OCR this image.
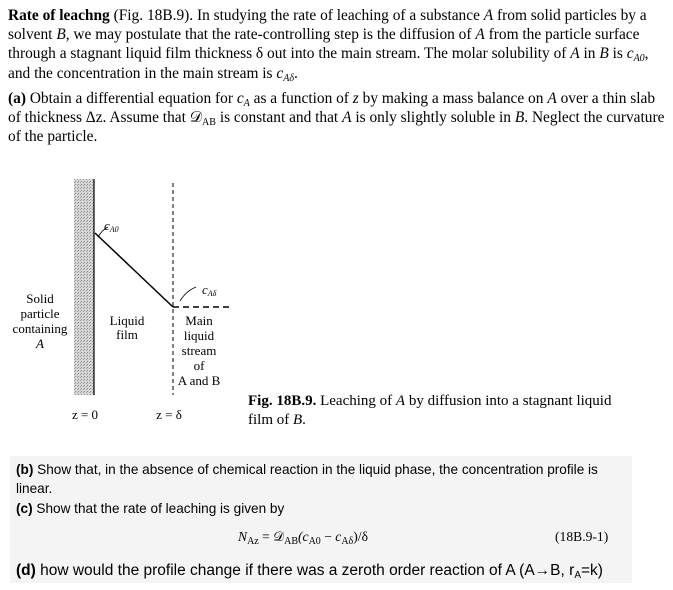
Rate of leachng (Fig. 18B.9). In studying the rate of leaching of a substance A from solid particles by a solvent B, we may postulate that the rate-controlling step is the diffusion of A from the particle surface through a stagnant liquid film thickness δ out into the main stream. The molar solubility of A in B is $c_{A0}$, and the concentration in the main stream is $c_{A\delta}$.

(a) Obtain a differential equation for $c_A$ as a function of z by making a mass balance on A over a thin slab of thickness Δz. Assume that 𝒟$_{AB}$ is constant and that A is only slightly soluble in B. Neglect the curvature of the particle.
cA0
cAδ
Solid
particle
containing
A
Liquid
film
Main
liquid
stream
of
A and B
z = 0	z = δ
Fig. 18B.9. Leaching of A by diffusion into a stagnant liquid film of B.
(b) Show that, in the absence of chemical reaction in the liquid phase, the concentration profile is linear.
(c) Show that the rate of leaching is given by
$N_{Az}$ = $𝒟_{AB}(c_{A0} - c_{A\delta})/\delta$	(18B.9-1)
(d) how would the profile change if there was a zeroth order reaction of A (A→B, $r_A=k$)
